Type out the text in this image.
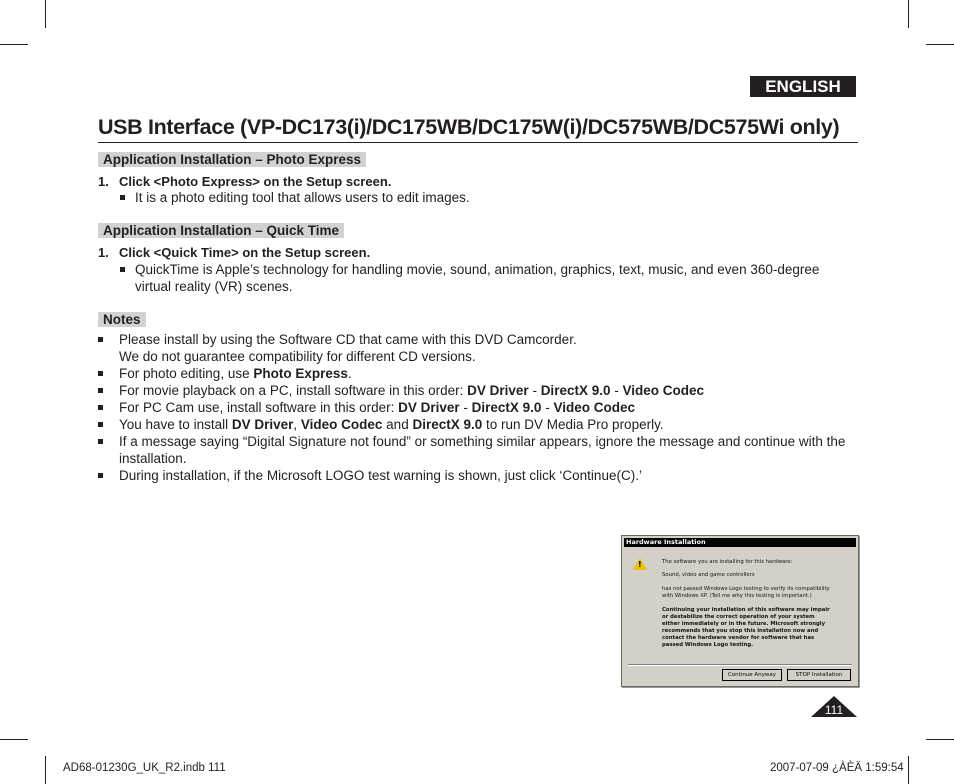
ENGLISH
USB Interface (VP-DC173(i)/DC175WB/DC175W(i)/DC575WB/DC575Wi only)
Application Installation – Photo Express
1. Click <Photo Express> on the Setup screen.
It is a photo editing tool that allows users to edit images.
Application Installation – Quick Time
1. Click <Quick Time> on the Setup screen.
QuickTime is Apple’s technology for handling movie, sound, animation, graphics, text, music, and even 360-degree virtual reality (VR) scenes.
Notes
Please install by using the Software CD that came with this DVD Camcorder.
We do not guarantee compatibility for different CD versions.
For photo editing, use Photo Express.
For movie playback on a PC, install software in this order: DV Driver - DirectX 9.0 - Video Codec
For PC Cam use, install software in this order: DV Driver - DirectX 9.0 - Video Codec
You have to install DV Driver, Video Codec and DirectX 9.0 to run DV Media Pro properly.
If a message saying “Digital Signature not found” or something similar appears, ignore the message and continue with the installation.
During installation, if the Microsoft LOGO test warning is shown, just click ‘Continue(C).’
Hardware Installation
!	The software you are installing for this hardware:
Sound, video and game controllers
has not passed Windows Logo testing to verify its compatibility
with Windows XP. (Tell me why this testing is important.)
Continuing your installation of this software may impair
or destabilize the correct operation of your system
either immediately or in the future. Microsoft strongly
recommends that you stop this installation now and
contact the hardware vendor for software that has
passed Windows Logo testing.
Continue Anyway	STOP Installation
111
AD68-01230G_UK_R2.indb 111	2007-07-09 ¿ÀÈÄ 1:59:54
